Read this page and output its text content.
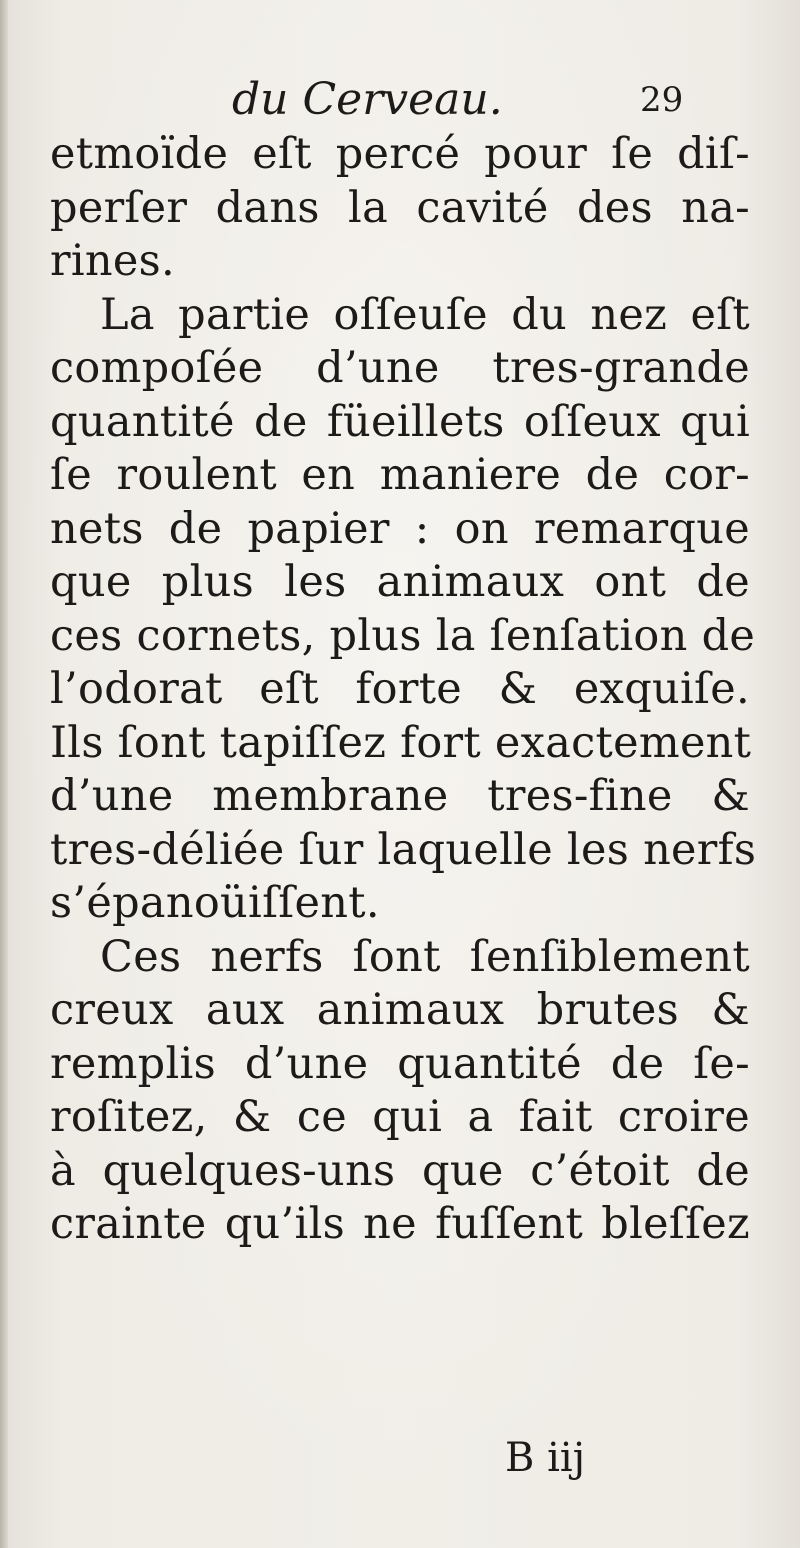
du Cerveau.	29
etmoïde eſt percé pour ſe diſ-
perſer dans la cavité des na-
rines.
La partie oſſeuſe du nez eſt
compoſée d’une tres-grande
quantité de füeillets oſſeux qui
ſe roulent en maniere de cor-
nets de papier : on remarque
que plus les animaux ont de
ces cornets, plus la ſenſation de
l’odorat eſt forte & exquiſe.
Ils ſont tapiſſez fort exactement
d’une membrane tres-fine &
tres-déliée ſur laquelle les nerfs
s’épanoüiſſent.
Ces nerfs ſont ſenſiblement
creux aux animaux brutes &
remplis d’une quantité de ſe-
roſitez, & ce qui a fait croire
à quelques-uns que c’étoit de
crainte qu’ils ne fuſſent bleſſez
B iij
